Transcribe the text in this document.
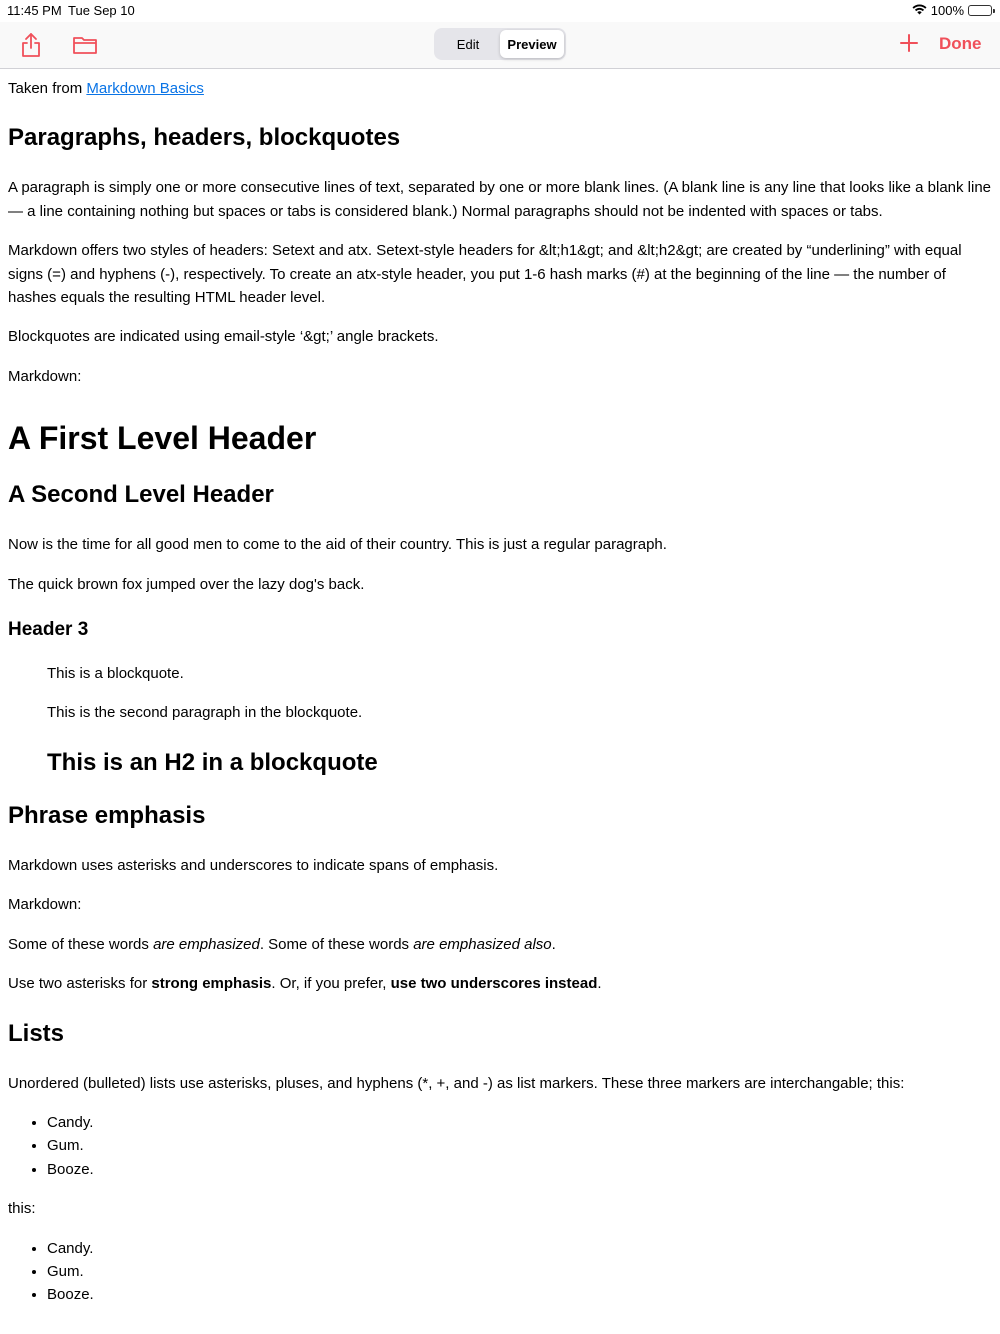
11:45 PM Tue Sep 10	100%
Edit	Preview	Done

Taken from Markdown Basics

Paragraphs, headers, blockquotes

A paragraph is simply one or more consecutive lines of text, separated by one or more blank lines. (A blank line is any line that looks like a blank line — a line containing nothing but spaces or tabs is considered blank.) Normal paragraphs should not be indented with spaces or tabs.

Markdown offers two styles of headers: Setext and atx. Setext-style headers for &lt;h1&gt; and &lt;h2&gt; are created by “underlining” with equal signs (=) and hyphens (-), respectively. To create an atx-style header, you put 1-6 hash marks (#) at the beginning of the line — the number of hashes equals the resulting HTML header level.

Blockquotes are indicated using email-style ‘&gt;’ angle brackets.

Markdown:

A First Level Header
A Second Level Header

Now is the time for all good men to come to the aid of their country. This is just a regular paragraph.

The quick brown fox jumped over the lazy dog's back.

Header 3

This is a blockquote.

This is the second paragraph in the blockquote.

This is an H2 in a blockquote
Phrase emphasis

Markdown uses asterisks and underscores to indicate spans of emphasis.

Markdown:

Some of these words are emphasized. Some of these words are emphasized also.

Use two asterisks for strong emphasis. Or, if you prefer, use two underscores instead.

Lists

Unordered (bulleted) lists use asterisks, pluses, and hyphens (*, +, and -) as list markers. These three markers are interchangable; this:

• Candy.
• Gum.
• Booze.

this:

• Candy.
• Gum.
• Booze.
